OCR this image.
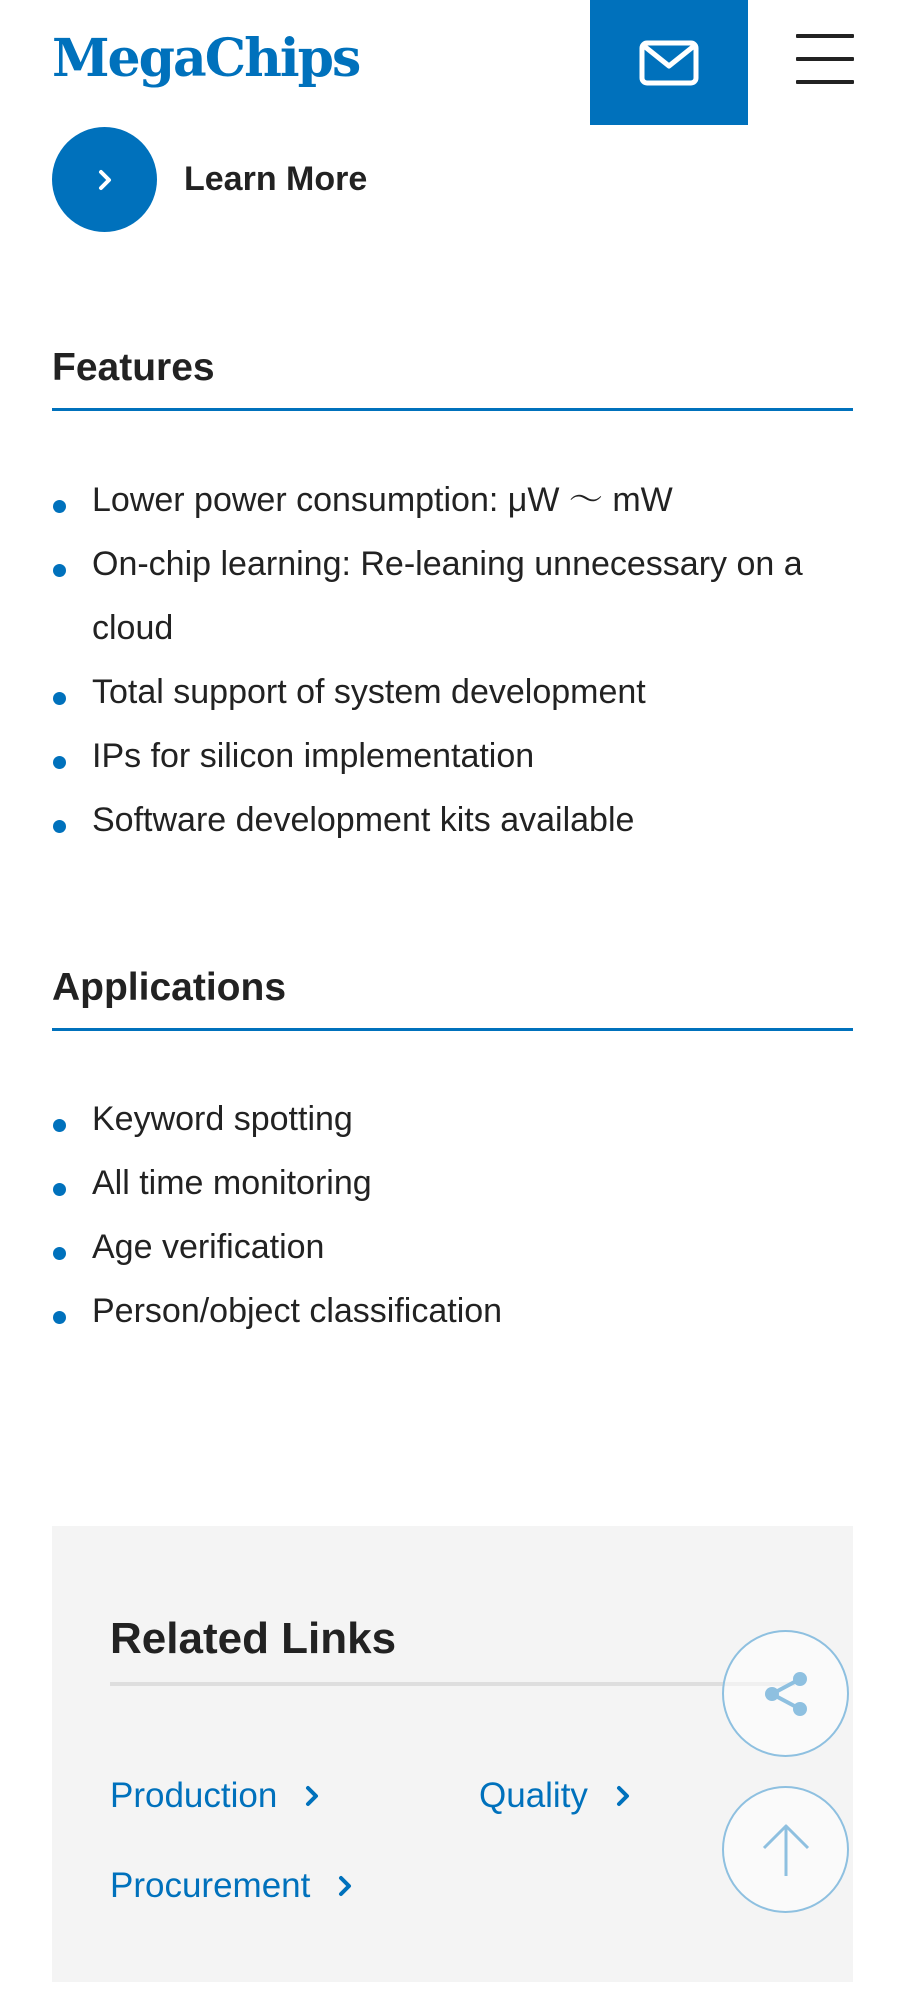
MegaChips
Learn More
Features
Lower power consumption: μW ～ mW
On-chip learning: Re-leaning unnecessary on a cloud
Total support of system development
IPs for silicon implementation
Software development kits available
Applications
Keyword spotting
All time monitoring
Age verification
Person/object classification
Related Links
Production	Quality
Procurement
